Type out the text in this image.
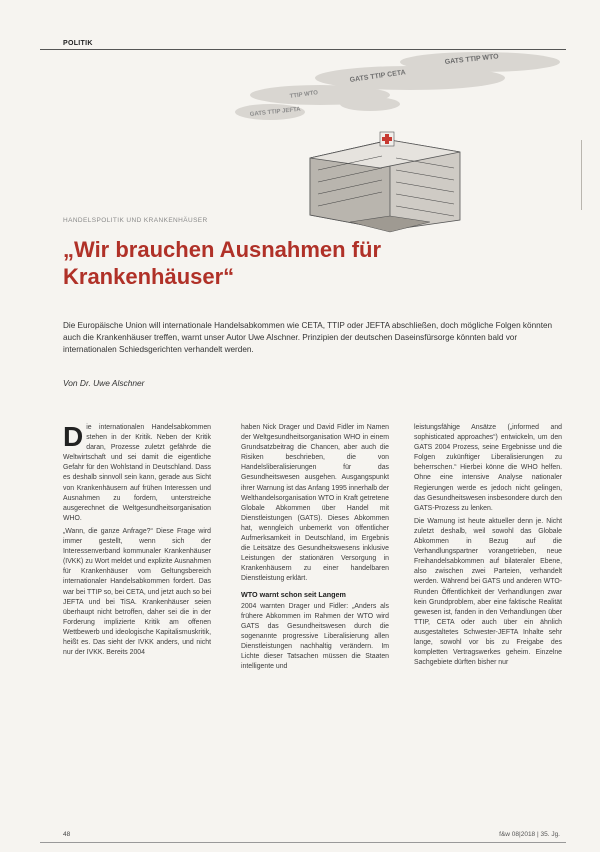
POLITIK
GATS TTIP WTO
GATS TTIP CETA
TTIP WTO
GATS TTIP JEFTA
HANDELSPOLITIK UND KRANKENHÄUSER
„Wir brauchen Ausnahmen für Krankenhäuser“

Die Europäische Union will internationale Handelsabkommen wie CETA, TTIP oder JEFTA abschließen, doch mögliche Folgen könnten auch die Krankenhäuser treffen, warnt unser Autor Uwe Alschner. Prinzipien der deutschen Daseinsfürsorge könnten bald vor internationalen Schiedsgerichten verhandelt werden.

Von Dr. Uwe Alschner

Die internationalen Handelsabkommen stehen in der Kritik. Neben der Kritik daran, Prozesse zuletzt gefährde die Weltwirtschaft und sei damit die eigentliche Gefahr für den Wohlstand in Deutschland. Dass es deshalb sinnvoll sein kann, gerade aus Sicht von Krankenhäusern auf frühen Interessen und Ausnahmen zu fordern, unterstreiche ausgerechnet die Weltgesundheitsorganisation WHO.

„Wann, die ganze Anfrage?“ Diese Frage wird immer gestellt, wenn sich der Interessenverband kommunaler Krankenhäuser (IVKK) zu Wort meldet und explizite Ausnahmen für Krankenhäuser vom Geltungsbereich internationaler Handelsabkommen fordert. Das war bei TTIP so, bei CETA, und jetzt auch so bei JEFTA und bei TiSA. Krankenhäuser seien überhaupt nicht betroffen, daher sei die in der Forderung implizierte Kritik am offenen Wettbewerb und ideologische Kapitalismuskritik, heißt es. Das sieht der IVKK anders, und nicht nur der IVKK. Bereits 2004

haben Nick Drager und David Fidler im Namen der Weltgesundheitsorganisation WHO in einem Grundsatzbeitrag die Chancen, aber auch die Risiken beschrieben, die von Handelsliberalisierungen für das Gesundheitswesen ausgehen. Ausgangspunkt ihrer Warnung ist das Anfang 1995 innerhalb der Welthandelsorganisation WTO in Kraft getretene Globale Abkommen über Handel mit Dienstleistungen (GATS). Dieses Abkommen hat, wenngleich unbemerkt von öffentlicher Aufmerksamkeit in Deutschland, im Ergebnis die Leitsätze des Gesundheitswesens inklusive Leistungen der stationären Versorgung in Krankenhäusern zu einer handelbaren Dienstleistung erklärt.

WTO warnt schon seit Langem

2004 warnten Drager und Fidler: „Anders als frühere Abkommen im Rahmen der WTO wird GATS das Gesundheitswesen durch die sogenannte progressive Liberalisierung allen Dienstleistungen nachhaltig verändern. Im Lichte dieser Tatsachen müssen die Staaten intelligente und

leistungsfähige Ansätze („informed and sophisticated approaches“) entwickeln, um den GATS 2004 Prozess, seine Ergebnisse und die Folgen zukünftiger Liberalisierungen zu beherrschen.“ Hierbei könne die WHO helfen. Ohne eine intensive Analyse nationaler Regierungen werde es jedoch nicht gelingen, das Gesundheitswesen insbesondere durch den GATS-Prozess zu lenken.

Die Warnung ist heute aktueller denn je. Nicht zuletzt deshalb, weil sowohl das Globale Abkommen in Bezug auf die Verhandlungspartner vorangetrieben, neue Freihandelsabkommen auf bilateraler Ebene, also zwischen zwei Parteien, verhandelt werden. Während bei GATS und anderen WTO-Runden Öffentlichkeit der Verhandlungen zwar kein Grundproblem, aber eine faktische Realität gewesen ist, fanden in den Verhandlungen über TTIP, CETA oder auch über ein ähnlich ausgestaltetes Schwester-JEFTA Inhalte sehr lange, sowohl vor bis zu Freigabe des kompletten Vertragswerkes geheim. Einzelne Sachgebiete dürften bisher nur

48	f&w 08|2018 | 35. Jg.
